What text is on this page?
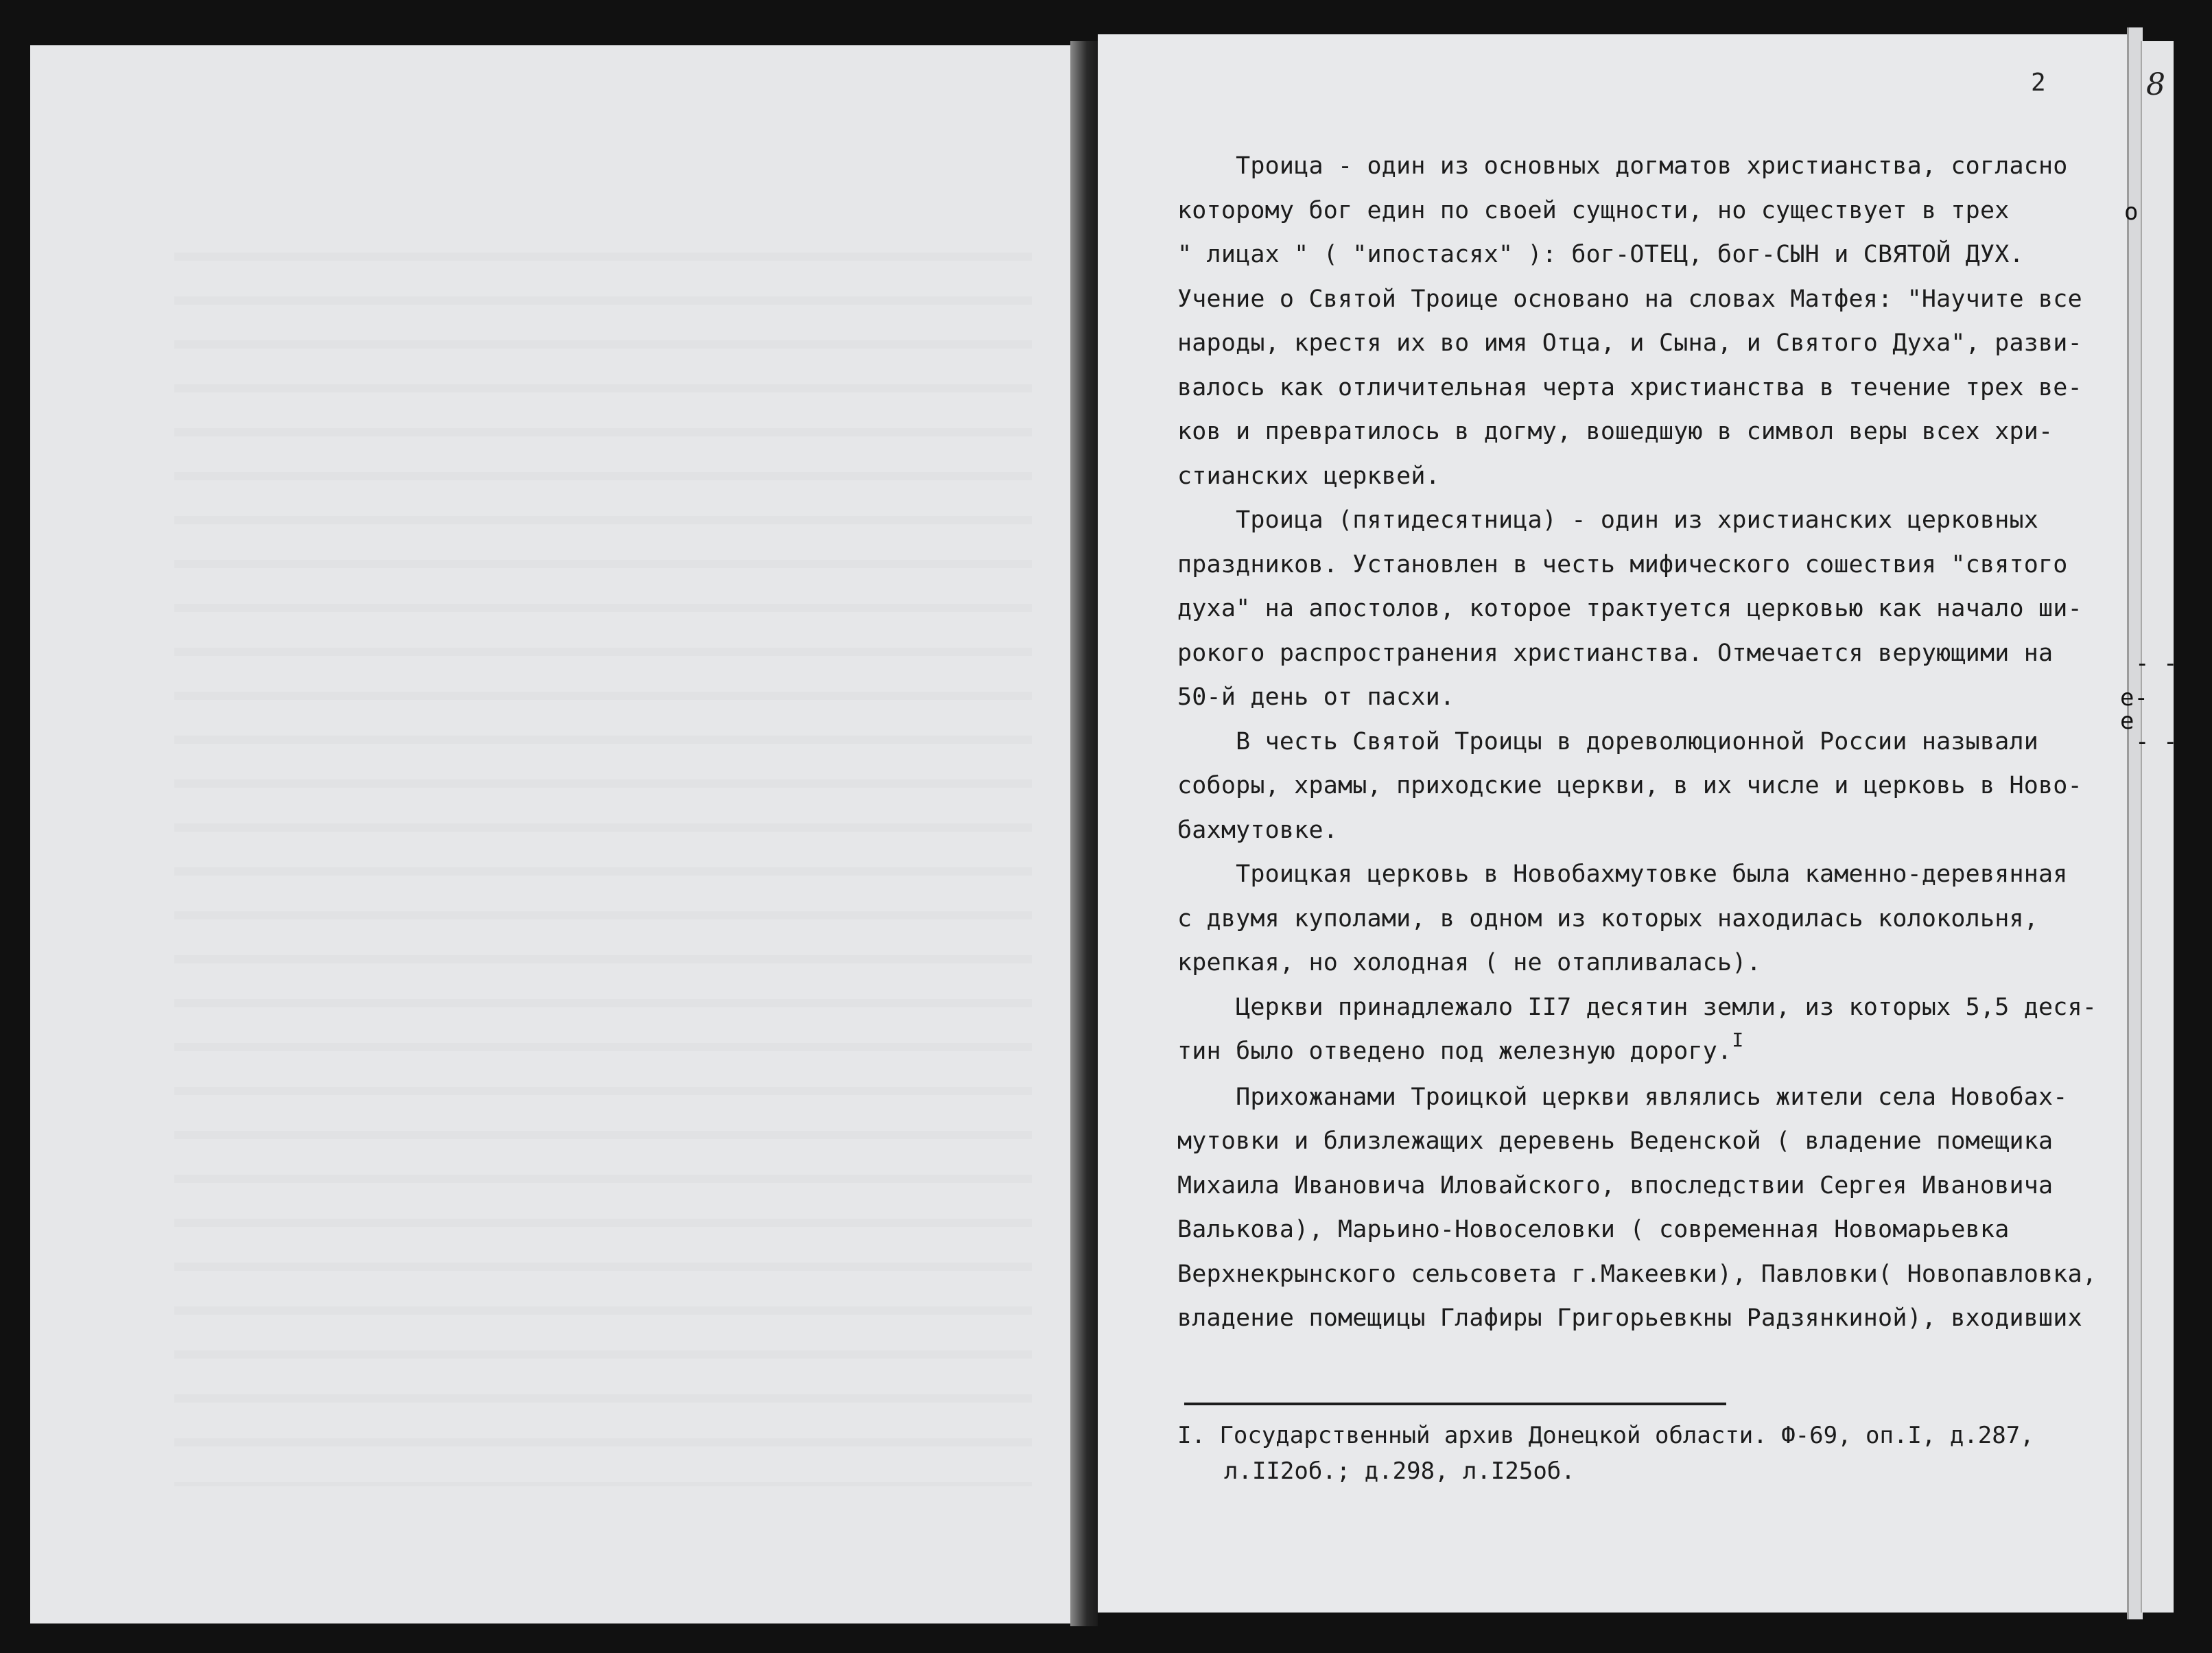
8
о
е-
е
- -
- -
2
Троица - один из основных догматов христианства, согласно
которому бог един по своей сущности, но существует в трех
" лицах " ( "ипостасях" ): бог-ОТЕЦ, бог-СЫН и СВЯТОЙ ДУХ.
Учение о Святой Троице основано на словах Матфея: "Научите все
народы, крестя их во имя Отца, и Сына, и Святого Духа", разви-
валось как отличительная черта христианства в течение трех ве-
ков и превратилось в догму, вошедшую в символ веры всех хри-
стианских церквей.
Троица (пятидесятница) - один из христианских церковных
праздников. Установлен в честь мифического сошествия "святого
духа" на апостолов, которое трактуется церковью как начало ши-
рокого распространения христианства. Отмечается верующими на
50-й день от пасхи.
В честь Святой Троицы в дореволюционной России называли
соборы, храмы, приходские церкви, в их числе и церковь в Ново-
бахмутовке.
Троицкая церковь в Новобахмутовке была каменно-деревянная
с двумя куполами, в одном из которых находилась колокольня,
крепкая, но холодная ( не отапливалась).
Церкви принадлежало II7 десятин земли, из которых 5,5 деся-
тин было отведено под железную дорогу.$^I$
Прихожанами Троицкой церкви являлись жители села Новобах-
мутовки и близлежащих деревень Веденской ( владение помещика
Михаила Ивановича Иловайского, впоследствии Сергея Ивановича
Валькова), Марьино-Новоселовки ( современная Новомарьевка
Верхнекрынского сельсовета г.Макеевки), Павловки( Новопавловка,
владение помещицы Глафиры Григорьевкны Радзянкиной), входивших
I. Государственный архив Донецкой области. Ф-69, оп.I, д.287,
л.II2об.; д.298, л.I25об.
